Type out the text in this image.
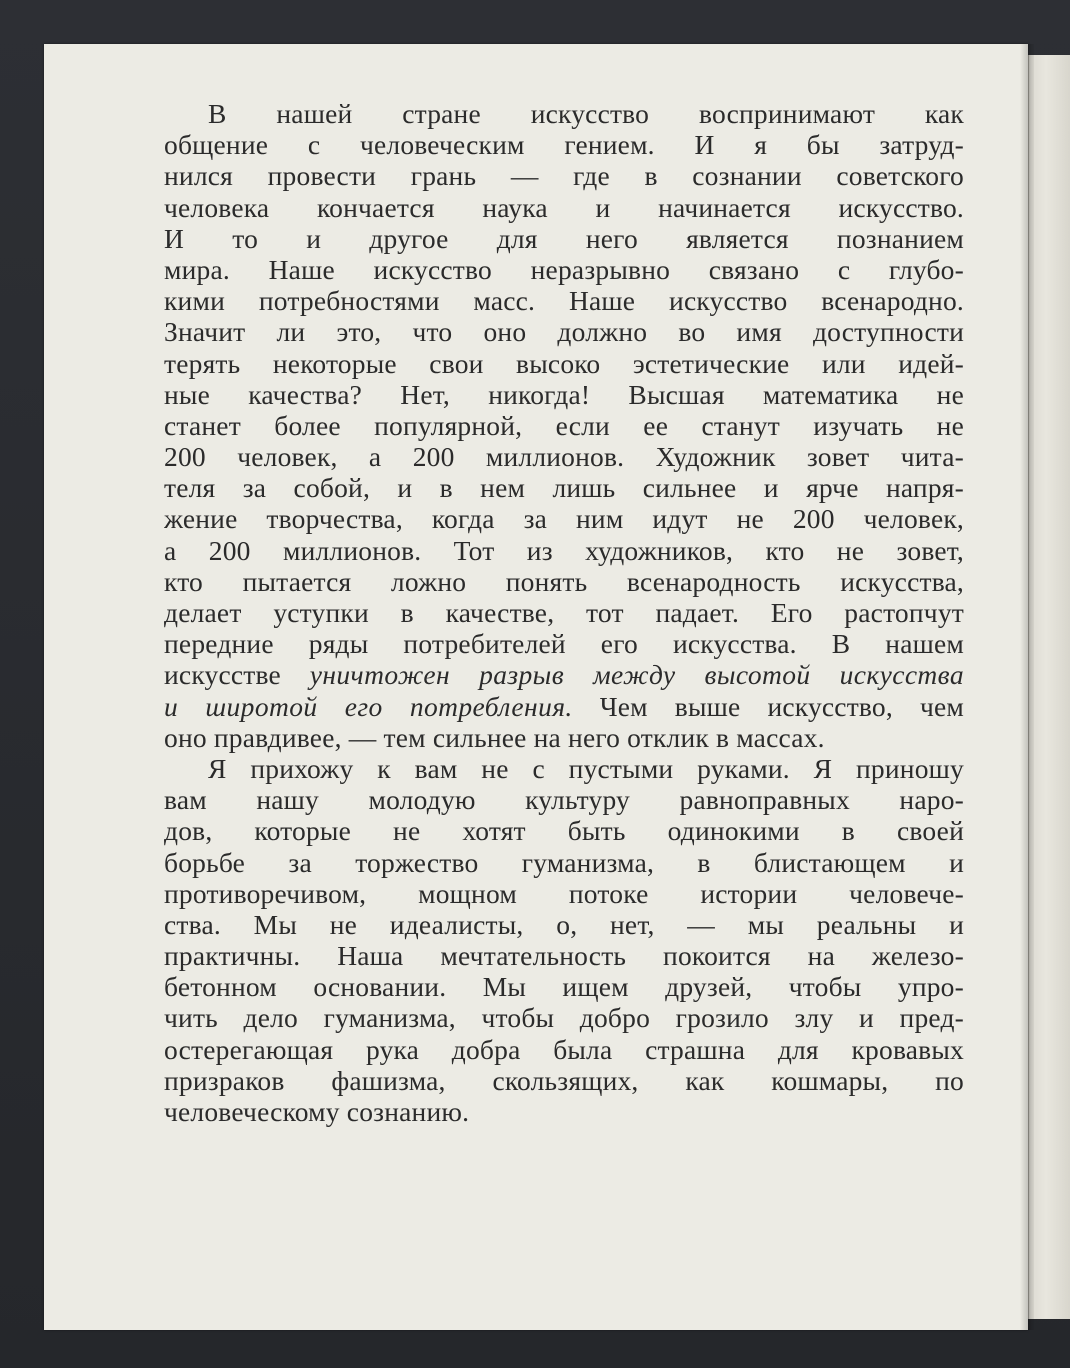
В нашей стране искусство воспринимают как
общение с человеческим гением. И я бы затруд-
нился провести грань — где в сознании советского
человека кончается наука и начинается искусство.
И то и другое для него является познанием
мира. Наше искусство неразрывно связано с глубо-
кими потребностями масс. Наше искусство всенародно.
Значит ли это, что оно должно во имя доступности
терять некоторые свои высоко эстетические или идей-
ные качества? Нет, никогда! Высшая математика не
станет более популярной, если ее станут изучать не
200 человек, а 200 миллионов. Художник зовет чита-
теля за собой, и в нем лишь сильнее и ярче напря-
жение творчества, когда за ним идут не 200 человек,
а 200 миллионов. Тот из художников, кто не зовет,
кто пытается ложно понять всенародность искусства,
делает уступки в качестве, тот падает. Его растопчут
передние ряды потребителей его искусства. В нашем
искусстве уничтожен разрыв между высотой искусства
и широтой его потребления. Чем выше искусство, чем
оно правдивее, — тем сильнее на него отклик в массах.
Я прихожу к вам не с пустыми руками. Я приношу
вам нашу молодую культуру равноправных наро-
дов, которые не хотят быть одинокими в своей
борьбе за торжество гуманизма, в блистающем и
противоречивом, мощном потоке истории человече-
ства. Мы не идеалисты, о, нет, — мы реальны и
практичны. Наша мечтательность покоится на железо-
бетонном основании. Мы ищем друзей, чтобы упро-
чить дело гуманизма, чтобы добро грозило злу и пред-
остерегающая рука добра была страшна для кровавых
призраков фашизма, скользящих, как кошмары, по
человеческому сознанию.
